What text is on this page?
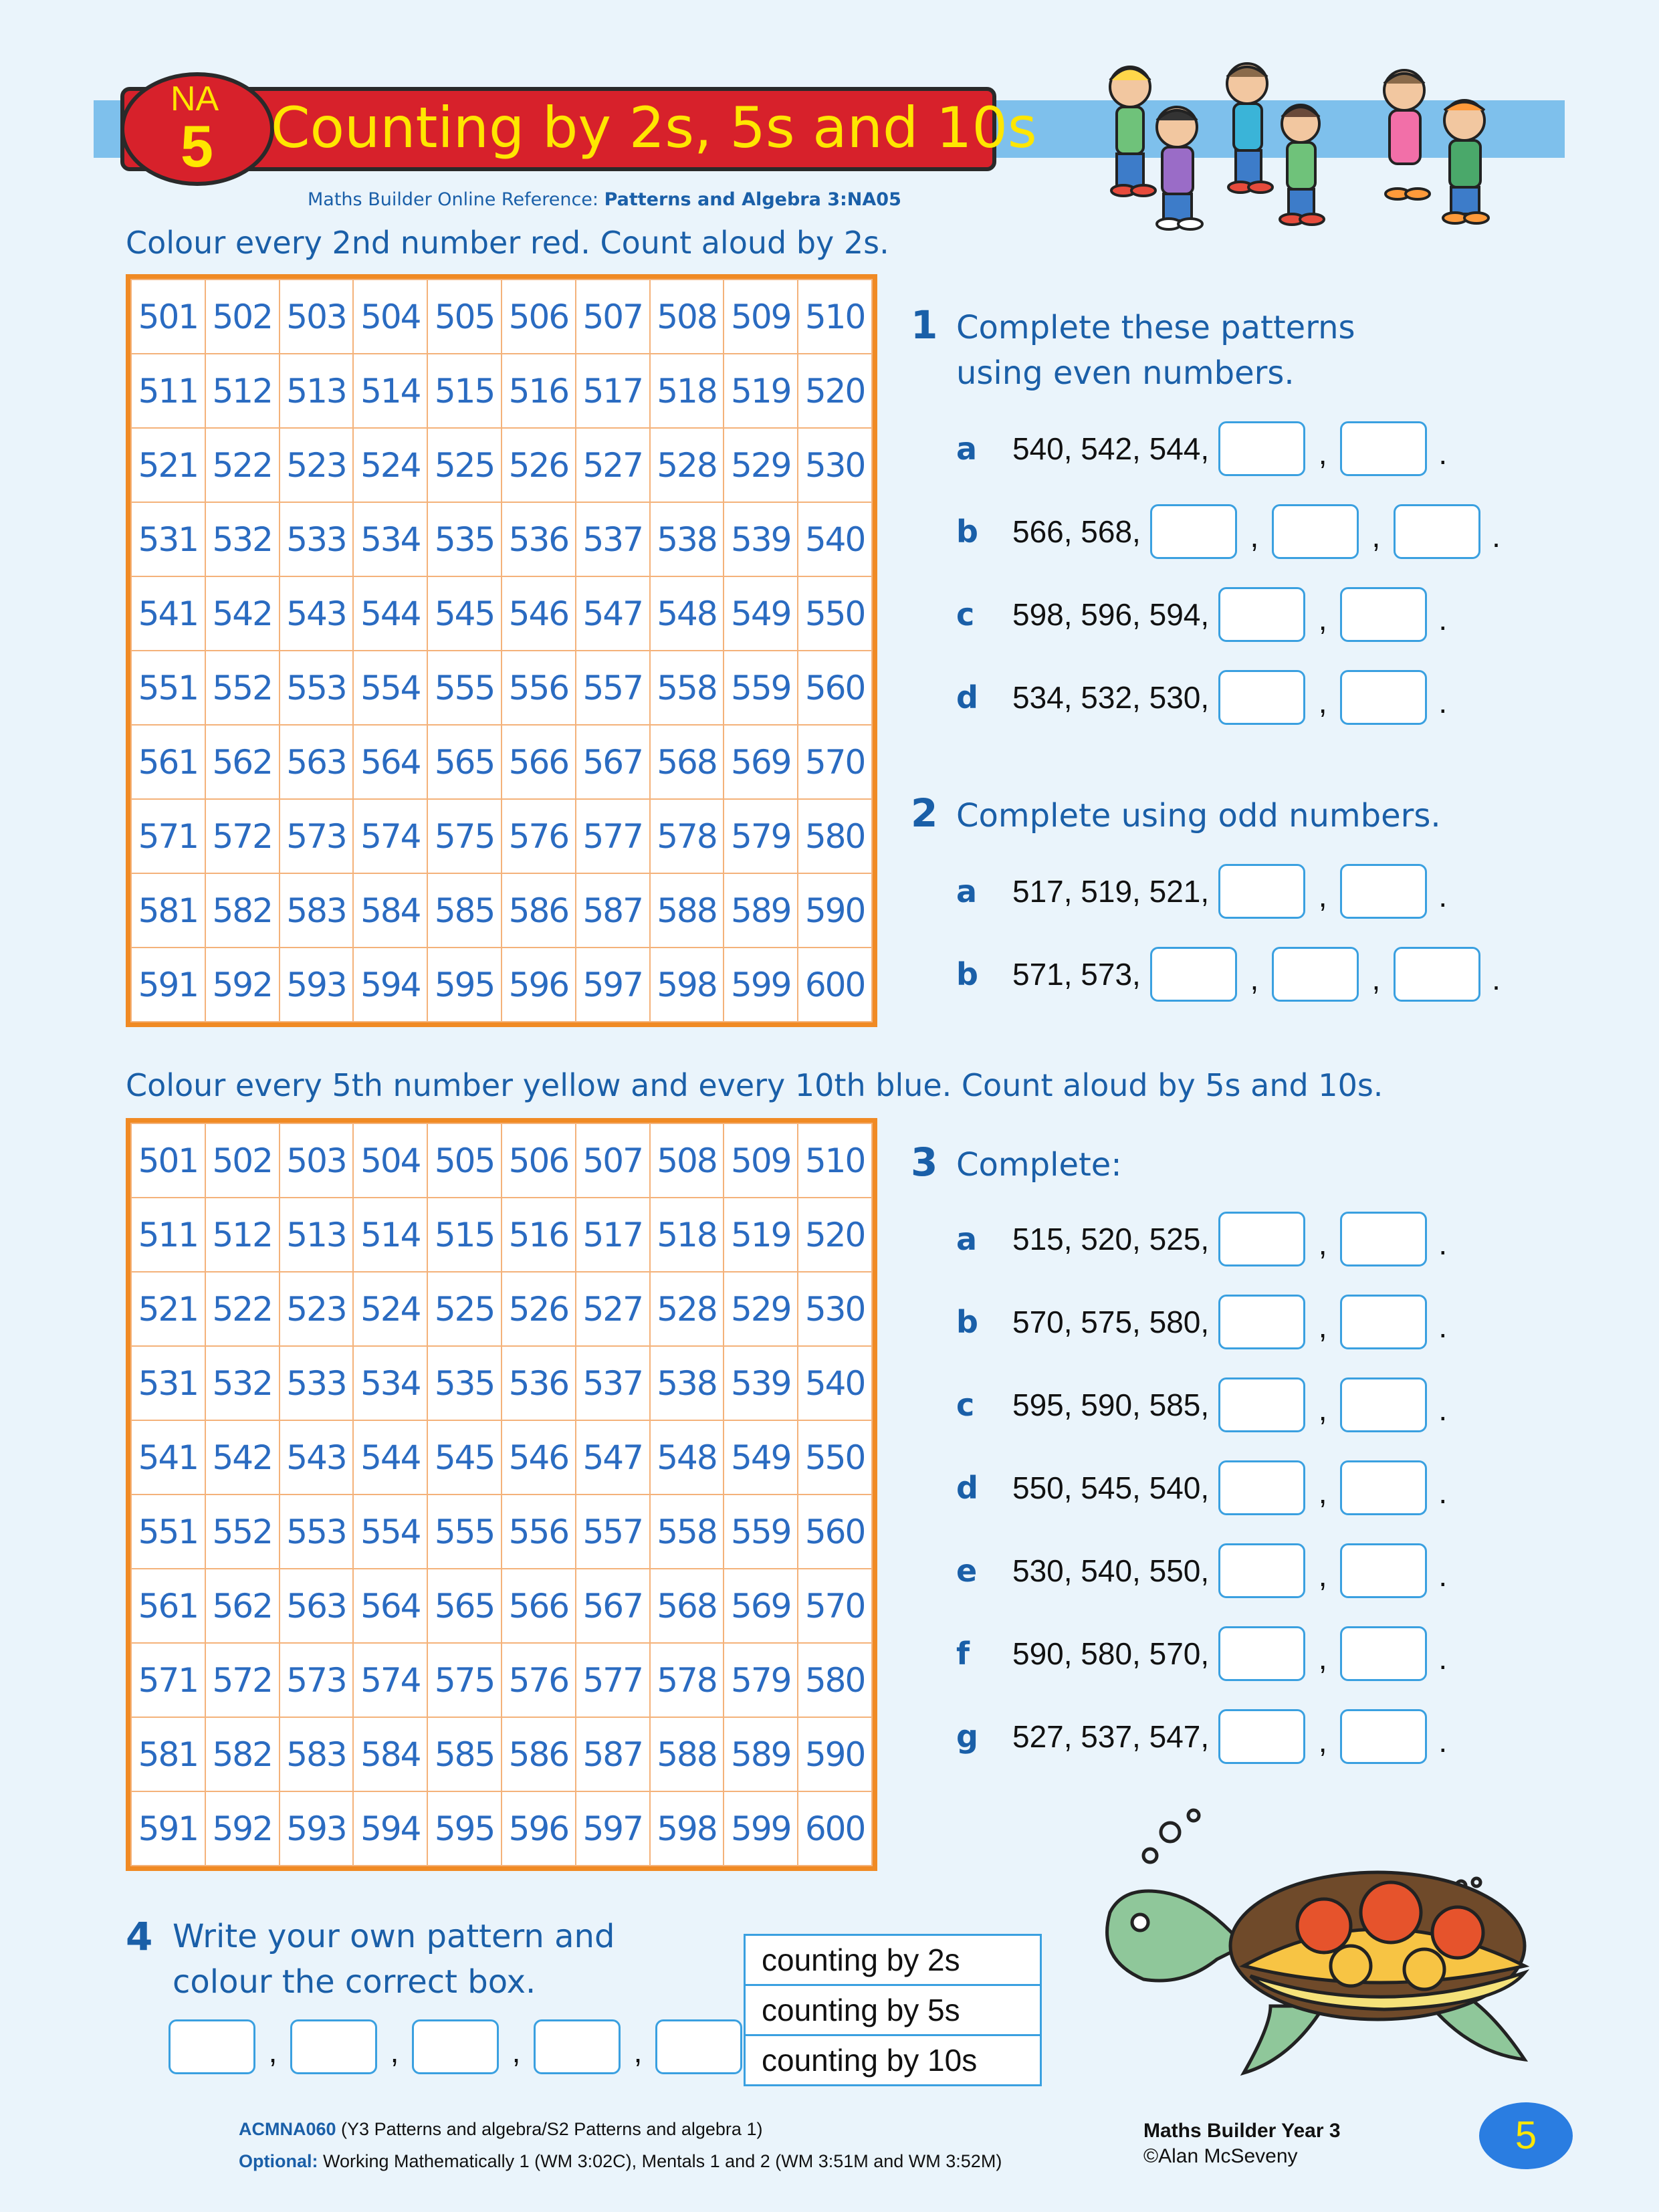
NA
5 Counting by 2s, 5s and 10s
Maths Builder Online Reference: Patterns and Algebra 3:NA05
Colour every 2nd number red. Count aloud by 2s.
501	502	503	504	505	506	507	508	509	510
511	512	513	514	515	516	517	518	519	520
521	522	523	524	525	526	527	528	529	530
531	532	533	534	535	536	537	538	539	540
541	542	543	544	545	546	547	548	549	550
551	552	553	554	555	556	557	558	559	560
561	562	563	564	565	566	567	568	569	570
571	572	573	574	575	576	577	578	579	580
581	582	583	584	585	586	587	588	589	590
591	592	593	594	595	596	597	598	599	600
1 Complete these patterns
using even numbers.
a	540, 542, 544,	,	.
b	566, 568,	,	,	.
c	598, 596, 594,	,	.
d	534, 532, 530,	,	.
2 Complete using odd numbers.
a	517, 519, 521,	,	.
b	571, 573,	,	,	.
Colour every 5th number yellow and every 10th blue. Count aloud by 5s and 10s.
501	502	503	504	505	506	507	508	509	510
511	512	513	514	515	516	517	518	519	520
521	522	523	524	525	526	527	528	529	530
531	532	533	534	535	536	537	538	539	540
541	542	543	544	545	546	547	548	549	550
551	552	553	554	555	556	557	558	559	560
561	562	563	564	565	566	567	568	569	570
571	572	573	574	575	576	577	578	579	580
581	582	583	584	585	586	587	588	589	590
591	592	593	594	595	596	597	598	599	600
3 Complete:
a	515, 520, 525,	,	.
b	570, 575, 580,	,	.
c	595, 590, 585,	,	.
d	550, 545, 540,	,	.
e	530, 540, 550,	,	.
f	590, 580, 570,	,	.
g	527, 537, 547,	,	.
4 Write your own pattern and
colour the correct box.
,	,	,	,
counting by 2s
counting by 5s
counting by 10s
ACMNA060 (Y3 Patterns and algebra/S2 Patterns and algebra 1)
Optional: Working Mathematically 1 (WM 3:02C), Mentals 1 and 2 (WM 3:51M and WM 3:52M)
Maths Builder Year 3
©Alan McSeveny	5
